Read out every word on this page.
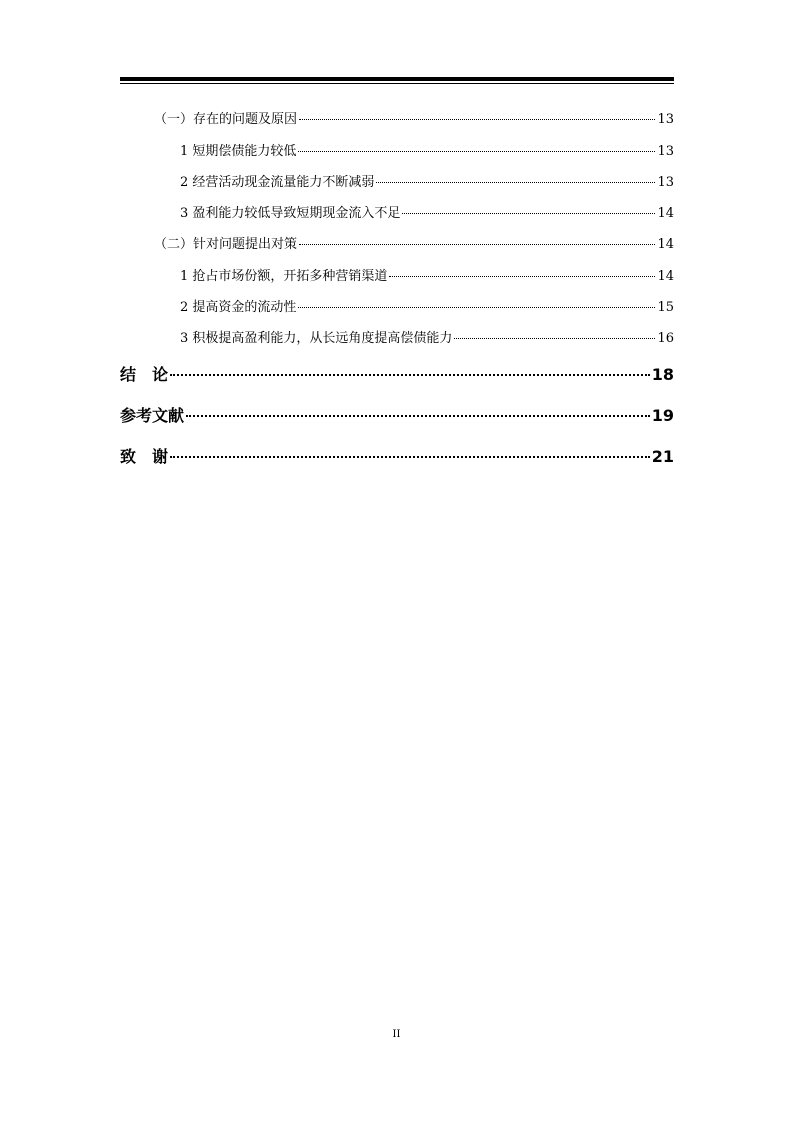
（一）存在的问题及原因	13
1 短期偿债能力较低	13
2 经营活动现金流量能力不断减弱	13
3 盈利能力较低导致短期现金流入不足	14
（二）针对问题提出对策	14
1 抢占市场份额，开拓多种营销渠道	14
2 提高资金的流动性	15
3 积极提高盈利能力，从长远角度提高偿债能力	16
结　论	18
参考文献	19
致　谢	21
II
